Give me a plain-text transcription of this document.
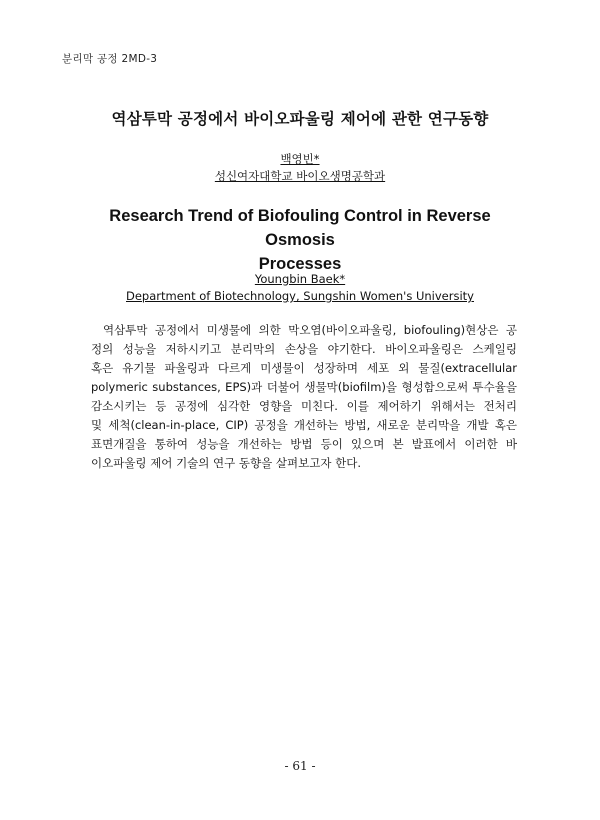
분리막 공정 2MD-3
역삼투막 공정에서 바이오파울링 제어에 관한 연구동향
백영빈*
성신여자대학교 바이오생명공학과
Research Trend of Biofouling Control in Reverse Osmosis
Processes
Youngbin Baek*
Department of Biotechnology, Sungshin Women's University
역삼투막 공정에서 미생물에 의한 막오염(바이오파울링, biofouling)현상은 공
정의 성능을 저하시키고 분리막의 손상을 야기한다. 바이오파울링은 스케일링
혹은 유기물 파울링과 다르게 미생물이 성장하며 세포 외 물질(extracellular
polymeric substances, EPS)과 더불어 생물막(biofilm)을 형성함으로써 투수율을
감소시키는 등 공정에 심각한 영향을 미친다. 이를 제어하기 위해서는 전처리
및 세척(clean-in-place, CIP) 공정을 개선하는 방법, 새로운 분리막을 개발 혹은
표면개질을 통하여 성능을 개선하는 방법 등이 있으며 본 발표에서 이러한 바
이오파울링 제어 기술의 연구 동향을 살펴보고자 한다.
- 61 -
